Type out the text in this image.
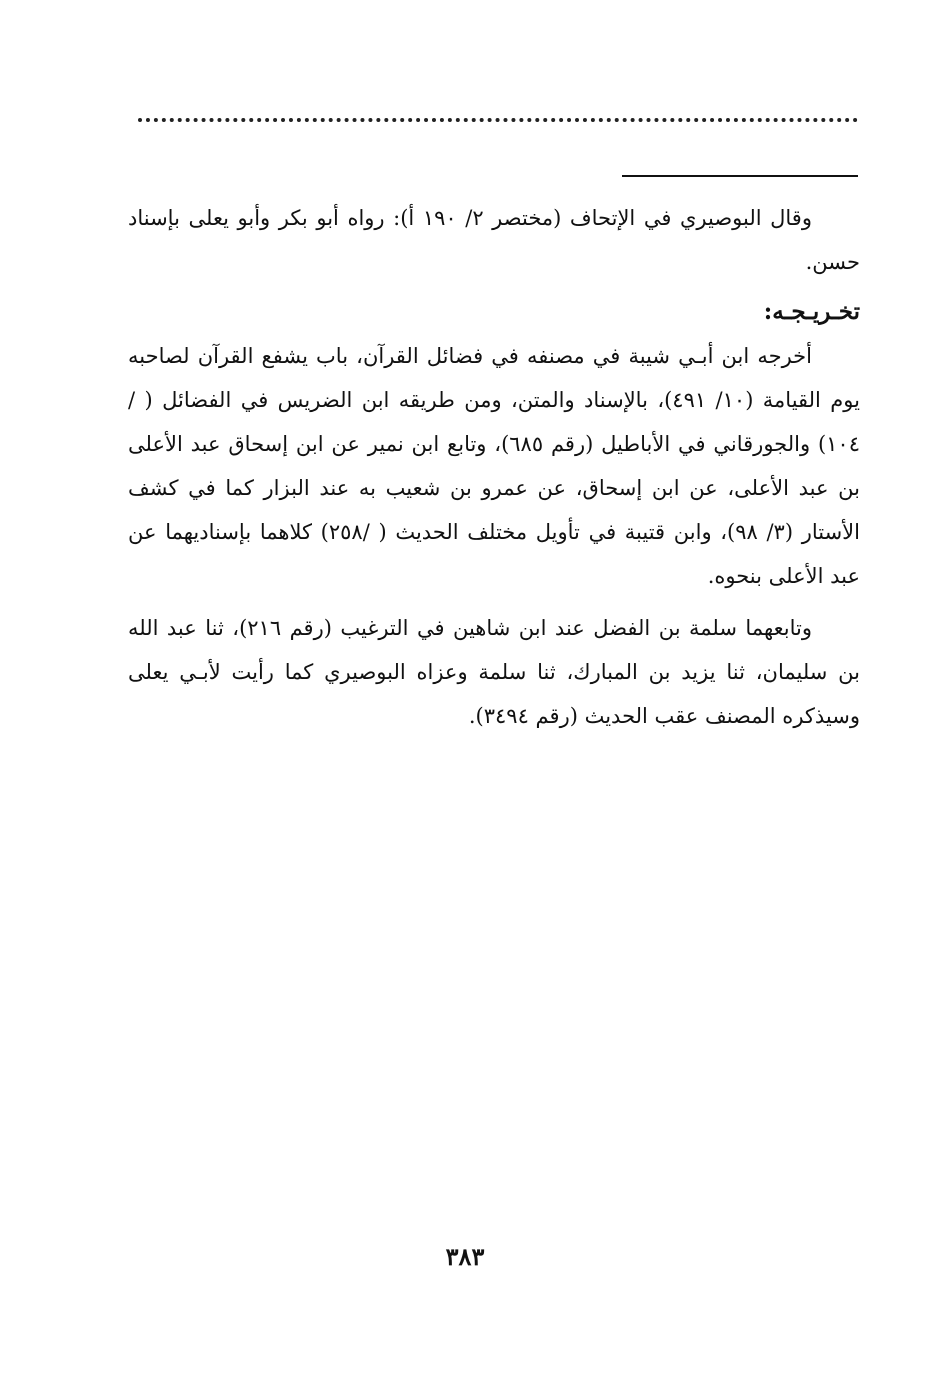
وقال البوصيري في الإتحاف (مختصر ٢/ ١٩٠ أ): رواه أبو بكر وأبو يعلى بإسناد حسن.

تخـريـجـه:

أخرجه ابن أبـي شيبة في مصنفه في فضائل القرآن، باب يشفع القرآن لصاحبه يوم القيامة (١٠/ ٤٩١)، بالإسناد والمتن، ومن طريقه ابن الضريس في الفضائل ( /١٠٤) والجورقاني في الأباطيل (رقم ٦٨٥)، وتابع ابن نمير عن ابن إسحاق عبد الأعلى بن عبد الأعلى، عن ابن إسحاق، عن عمرو بن شعيب به عند البزار كما في كشف الأستار (٣/ ٩٨)، وابن قتيبة في تأويل مختلف الحديث ( /٢٥٨) كلاهما بإسناديهما عن عبد الأعلى بنحوه.

وتابعهما سلمة بن الفضل عند ابن شاهين في الترغيب (رقم ٢١٦)، ثنا عبد الله بن سليمان، ثنا يزيد بن المبارك، ثنا سلمة وعزاه البوصيري كما رأيت لأبـي يعلى وسيذكره المصنف عقب الحديث (رقم ٣٤٩٤).

٣٨٣
